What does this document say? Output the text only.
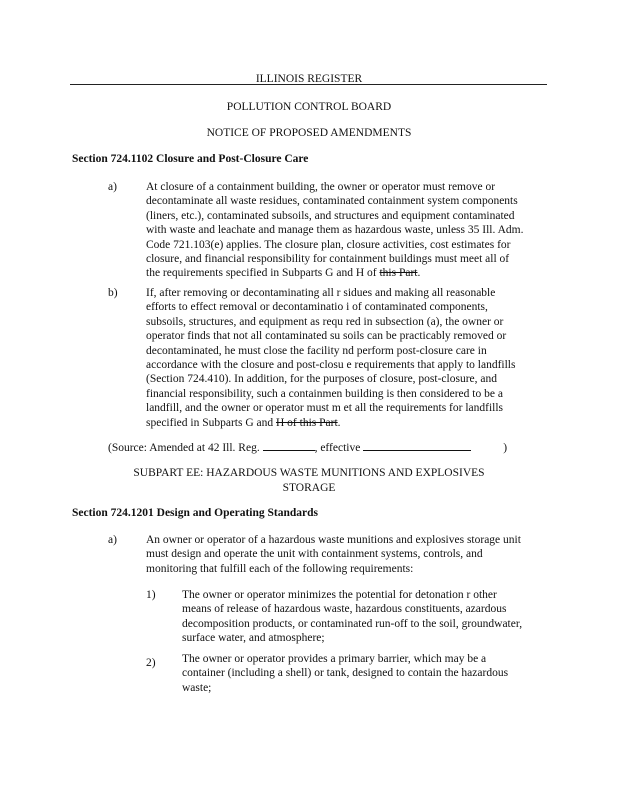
ILLINOIS REGISTER
POLLUTION CONTROL BOARD
NOTICE OF PROPOSED AMENDMENTS
Section 724.1102 Closure and Post-Closure Care
a)	At closure of a containment building, the owner or operator must remove or
decontaminate all waste residues, contaminated containment system components
(liners, etc.), contaminated subsoils, and structures and equipment contaminated
with waste and leachate and manage them as hazardous waste, unless 35 Ill. Adm.
Code 721.103(e) applies. The closure plan, closure activities, cost estimates for
closure, and financial responsibility for containment buildings must meet all of
the requirements specified in Subparts G and H of this Part.
b) If, after removing or decontaminating all r sidues and making all reasonable
efforts to effect removal or decontaminatio i of contaminated components,
subsoils, structures, and equipment as requ red in subsection (a), the owner or
operator finds that not all contaminated su soils can be practicably removed or
decontaminated, he must close the facility nd perform post-closure care in
accordance with the closure and post-closu e requirements that apply to landfills
(Section 724.410). In addition, for the purposes of closure, post-closure, and
financial responsibility, such a containmen building is then considered to be a
landfill, and the owner or operator must m et all the requirements for landfills
specified in Subparts G and H of this Part.
(Source: Amended at 42 Ill. Reg.	, effective	)
SUBPART EE: HAZARDOUS WASTE MUNITIONS AND EXPLOSIVES
STORAGE
Section 724.1201 Design and Operating Standards
a)	An owner or operator of a hazardous waste munitions and explosives storage unit
must design and operate the unit with containment systems, controls, and
monitoring that fulfill each of the following requirements:
1) The owner or operator minimizes the potential for detonation r other
means of release of hazardous waste, hazardous constituents, azardous
decomposition products, or contaminated run-off to the soil, groundwater,
surface water, and atmosphere;
2) The owner or operator provides a primary barrier, which may be a
container (including a shell) or tank, designed to contain the hazardous
waste;
